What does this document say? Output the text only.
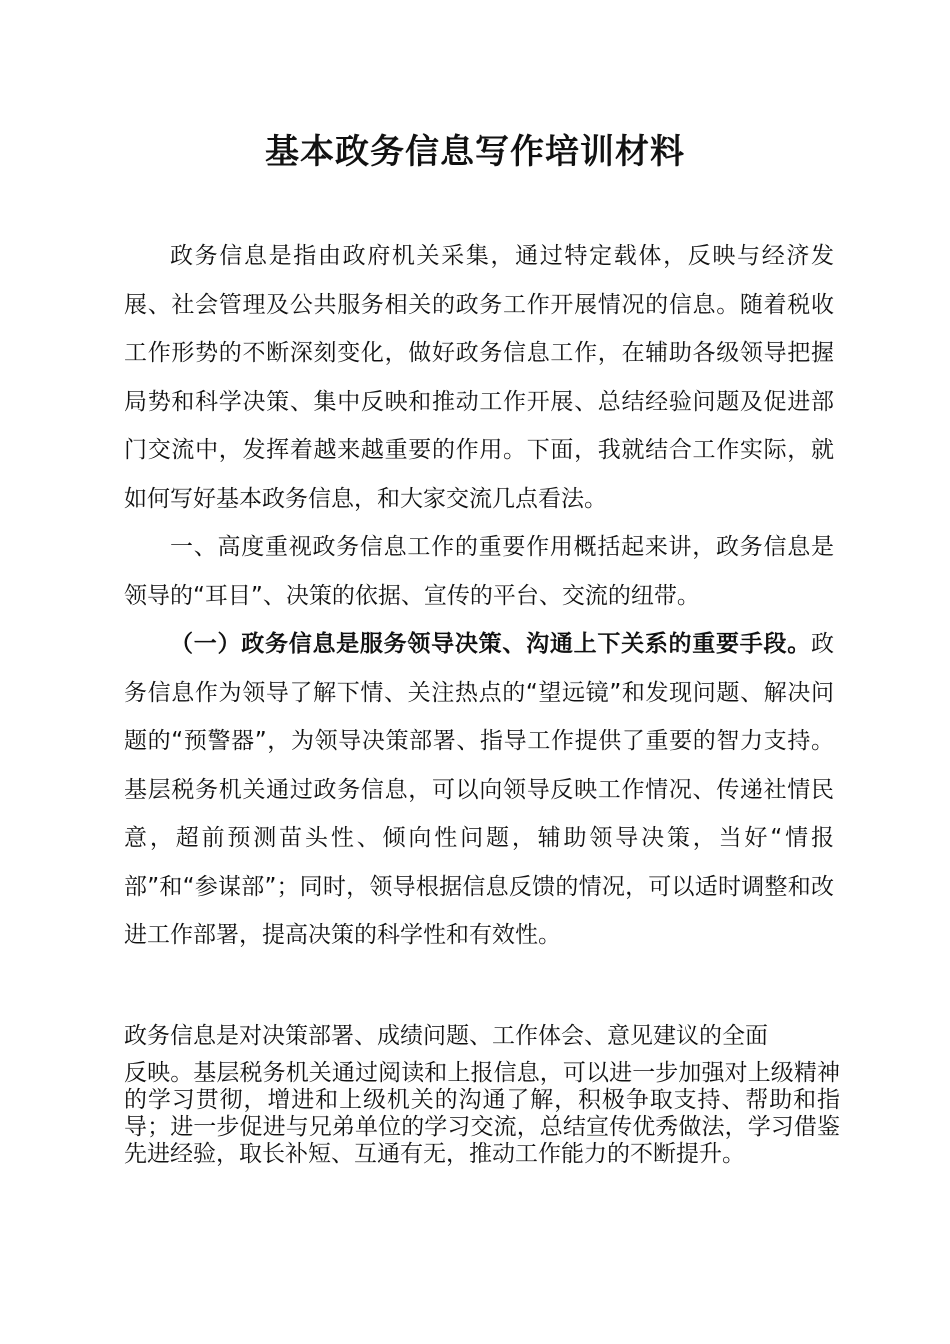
基本政务信息写作培训材料

政务信息是指由政府机关采集，通过特定载体，反映与经济发展、社会管理及公共服务相关的政务工作开展情况的信息。随着税收工作形势的不断深刻变化，做好政务信息工作，在辅助各级领导把握局势和科学决策、集中反映和推动工作开展、总结经验问题及促进部门交流中，发挥着越来越重要的作用。下面，我就结合工作实际，就如何写好基本政务信息，和大家交流几点看法。

一、高度重视政务信息工作的重要作用概括起来讲，政务信息是领导的“耳目”、决策的依据、宣传的平台、交流的纽带。

（一）政务信息是服务领导决策、沟通上下关系的重要手段。政务信息作为领导了解下情、关注热点的“望远镜”和发现问题、解决问题的“预警器”，为领导决策部署、指导工作提供了重要的智力支持。基层税务机关通过政务信息，可以向领导反映工作情况、传递社情民意，超前预测苗头性、倾向性问题，辅助领导决策，当好“情报部”和“参谋部”；同时，领导根据信息反馈的情况，可以适时调整和改进工作部署，提高决策的科学性和有效性。

政务信息是对决策部署、成绩问题、工作体会、意见建议的全面

反映。基层税务机关通过阅读和上报信息，可以进一步加强对上级精神的学习贯彻，增进和上级机关的沟通了解，积极争取支持、帮助和指导；进一步促进与兄弟单位的学习交流，总结宣传优秀做法，学习借鉴先进经验，取长补短、互通有无，推动工作能力的不断提升。
